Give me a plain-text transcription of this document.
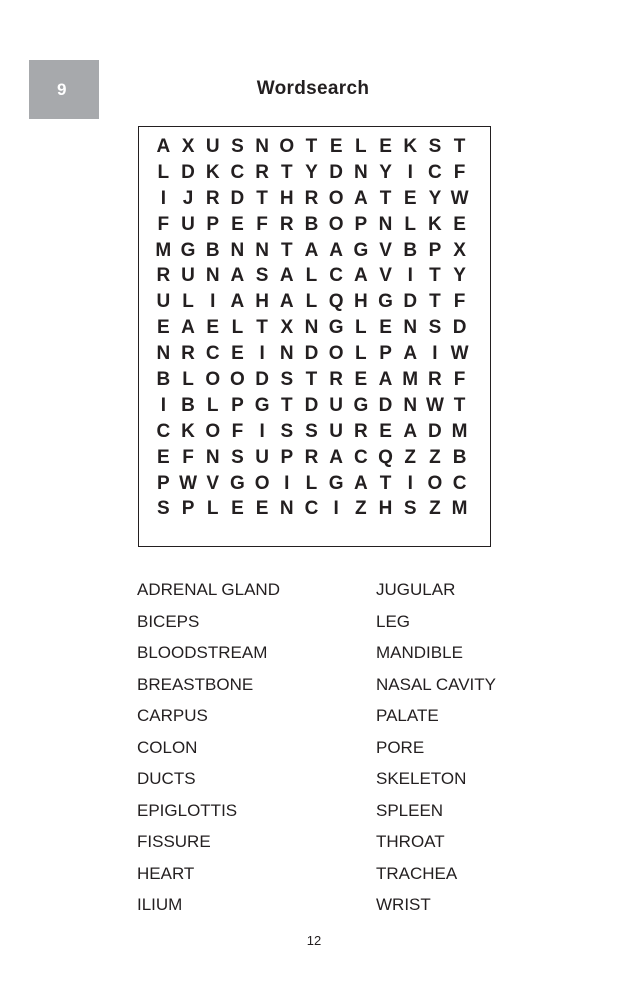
9	Wordsearch
A X U S N O T E L E K S T
L D K C R T Y D N Y I C F
I J R D T H R O A T E Y W
F U P E F R B O P N L K E
M G B N N T A A G V B P X
R U N A S A L C A V I T Y
U L I A H A L Q H G D T F
E A E L T X N G L E N S D
N R C E I N D O L P A I W
B L O O D S T R E A M R F
I B L P G T D U G D N W T
C K O F I S S U R E A D M
E F N S U P R A C Q Z Z B
P W V G O I L G A T I O C
S P L E E N C I Z H S Z M
ADRENAL GLAND
BICEPS
BLOODSTREAM
BREASTBONE
CARPUS
COLON
DUCTS
EPIGLOTTIS
FISSURE
HEART
ILIUM
JUGULAR
LEG
MANDIBLE
NASAL CAVITY
PALATE
PORE
SKELETON
SPLEEN
THROAT
TRACHEA
WRIST
12
